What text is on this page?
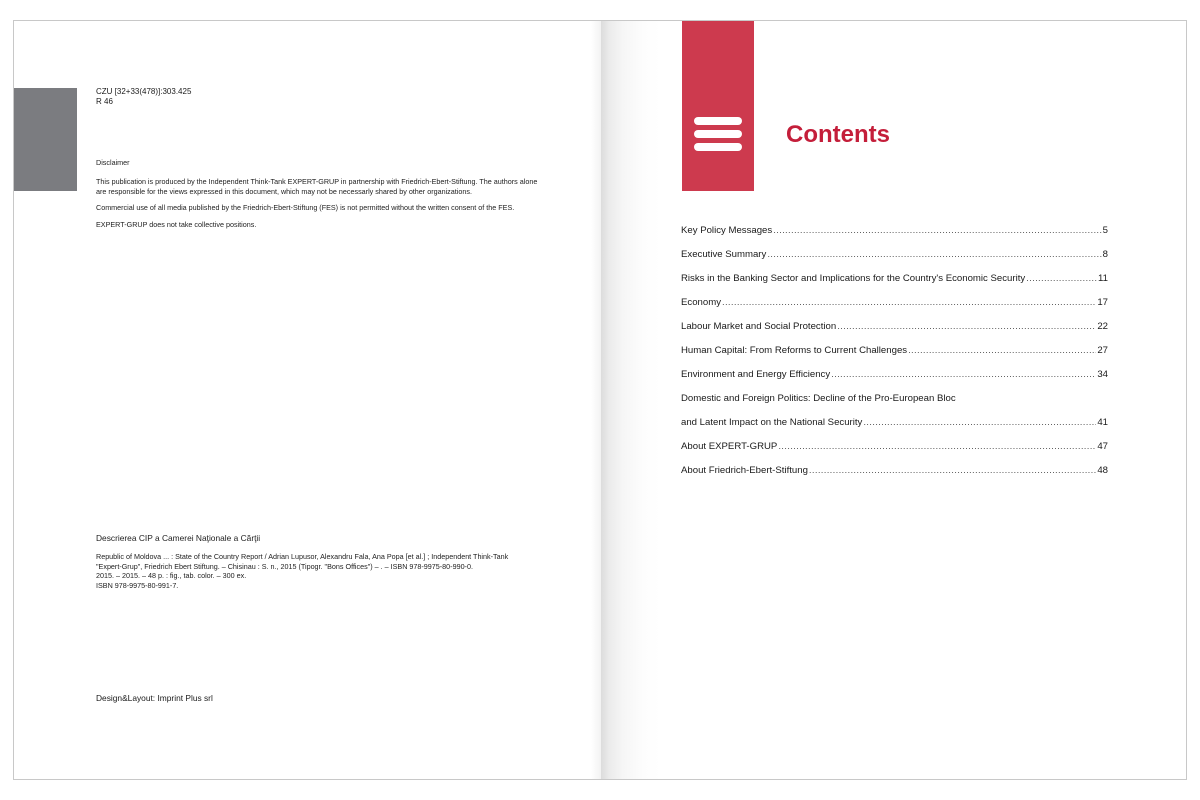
CZU [32+33(478)]:303.425
R 46

Disclaimer

This publication is produced by the Independent Think-Tank EXPERT-GRUP in partnership with Friedrich-Ebert-Stiftung. The authors alone are responsible for the views expressed in this document, which may not be necessarly shared by other organizations.

Commercial use of all media published by the Friedrich-Ebert-Stiftung (FES) is not permitted without the written consent of the FES.

EXPERT-GRUP does not take collective positions.

Descrierea CIP a Camerei Naţionale a Cărţii
Republic of Moldova ... : State of the Country Report / Adrian Lupusor, Alexandru Fala, Ana Popa [et al.] ; Independent Think-Tank
"Expert-Grup", Friedrich Ebert Stiftung. – Chisinau : S. n., 2015 (Tipogr. "Bons Offices") – . – ISBN 978-9975-80-990-0.
2015. – 2015. – 48 p. : fig., tab. color. – 300 ex.
ISBN 978-9975-80-991-7.
Design&Layout: Imprint Plus srl
Contents
Key Policy Messages .....	5
Executive Summary .....	8
Risks in the Banking Sector and Implications for the Country's Economic Security .....	11
Economy .....	17
Labour Market and Social Protection .....	22
Human Capital: From Reforms to Current Challenges .....	27
Environment and Energy Efficiency .....	34
Domestic and Foreign Politics: Decline of the Pro-European Bloc
and Latent Impact on the National Security .....	41
About EXPERT-GRUP .....	47
About Friedrich-Ebert-Stiftung .....	48
